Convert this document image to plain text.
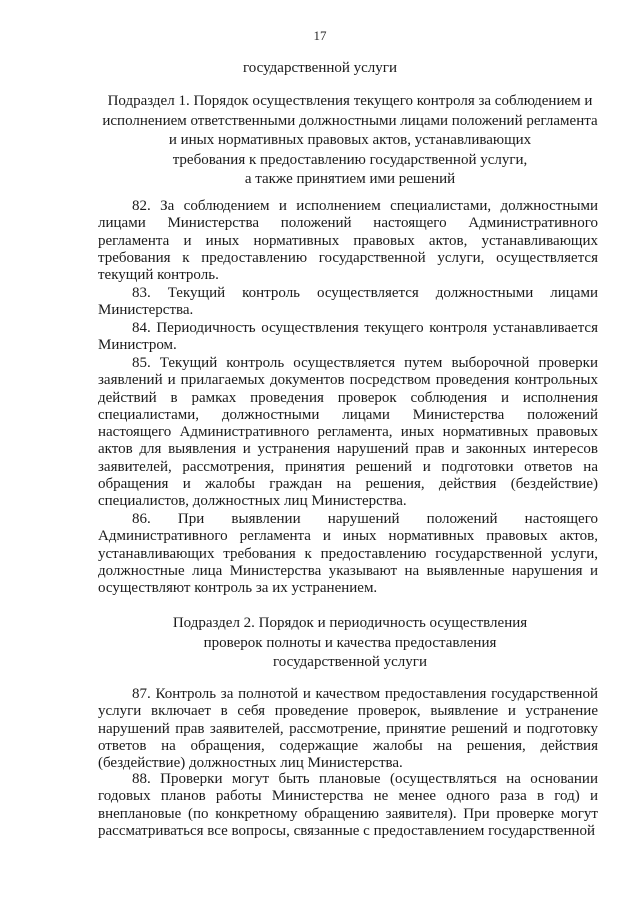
17
государственной услуги
Подраздел 1. Порядок осуществления текущего контроля за соблюдением и
исполнением ответственными должностными лицами положений регламента
и иных нормативных правовых актов, устанавливающих
требования к предоставлению государственной услуги,
а также принятием ими решений

82. За соблюдением и исполнением специалистами, должностными лицами Министерства положений настоящего Административного регламента и иных нормативных правовых актов, устанавливающих требования к предоставлению государственной услуги, осуществляется текущий контроль.

83. Текущий контроль осуществляется должностными лицами Министерства.

84. Периодичность осуществления текущего контроля устанавливается Министром.

85. Текущий контроль осуществляется путем выборочной проверки заявлений и прилагаемых документов посредством проведения контрольных действий в рамках проведения проверок соблюдения и исполнения специалистами, должностными лицами Министерства положений настоящего Административного регламента, иных нормативных правовых актов для выявления и устранения нарушений прав и законных интересов заявителей, рассмотрения, принятия решений и подготовки ответов на обращения и жалобы граждан на решения, действия (бездействие) специалистов, должностных лиц Министерства.

86. При выявлении нарушений положений настоящего Административного регламента и иных нормативных правовых актов, устанавливающих требования к предоставлению государственной услуги, должностные лица Министерства указывают на выявленные нарушения и осуществляют контроль за их устранением.

Подраздел 2. Порядок и периодичность осуществления
проверок полноты и качества предоставления
государственной услуги

87. Контроль за полнотой и качеством предоставления государственной услуги включает в себя проведение проверок, выявление и устранение нарушений прав заявителей, рассмотрение, принятие решений и подготовку ответов на обращения, содержащие жалобы на решения, действия (бездействие) должностных лиц Министерства.

88. Проверки могут быть плановые (осуществляться на основании годовых планов работы Министерства не менее одного раза в год) и внеплановые (по конкретному обращению заявителя). При проверке могут рассматриваться все вопросы, связанные с предоставлением государственной
